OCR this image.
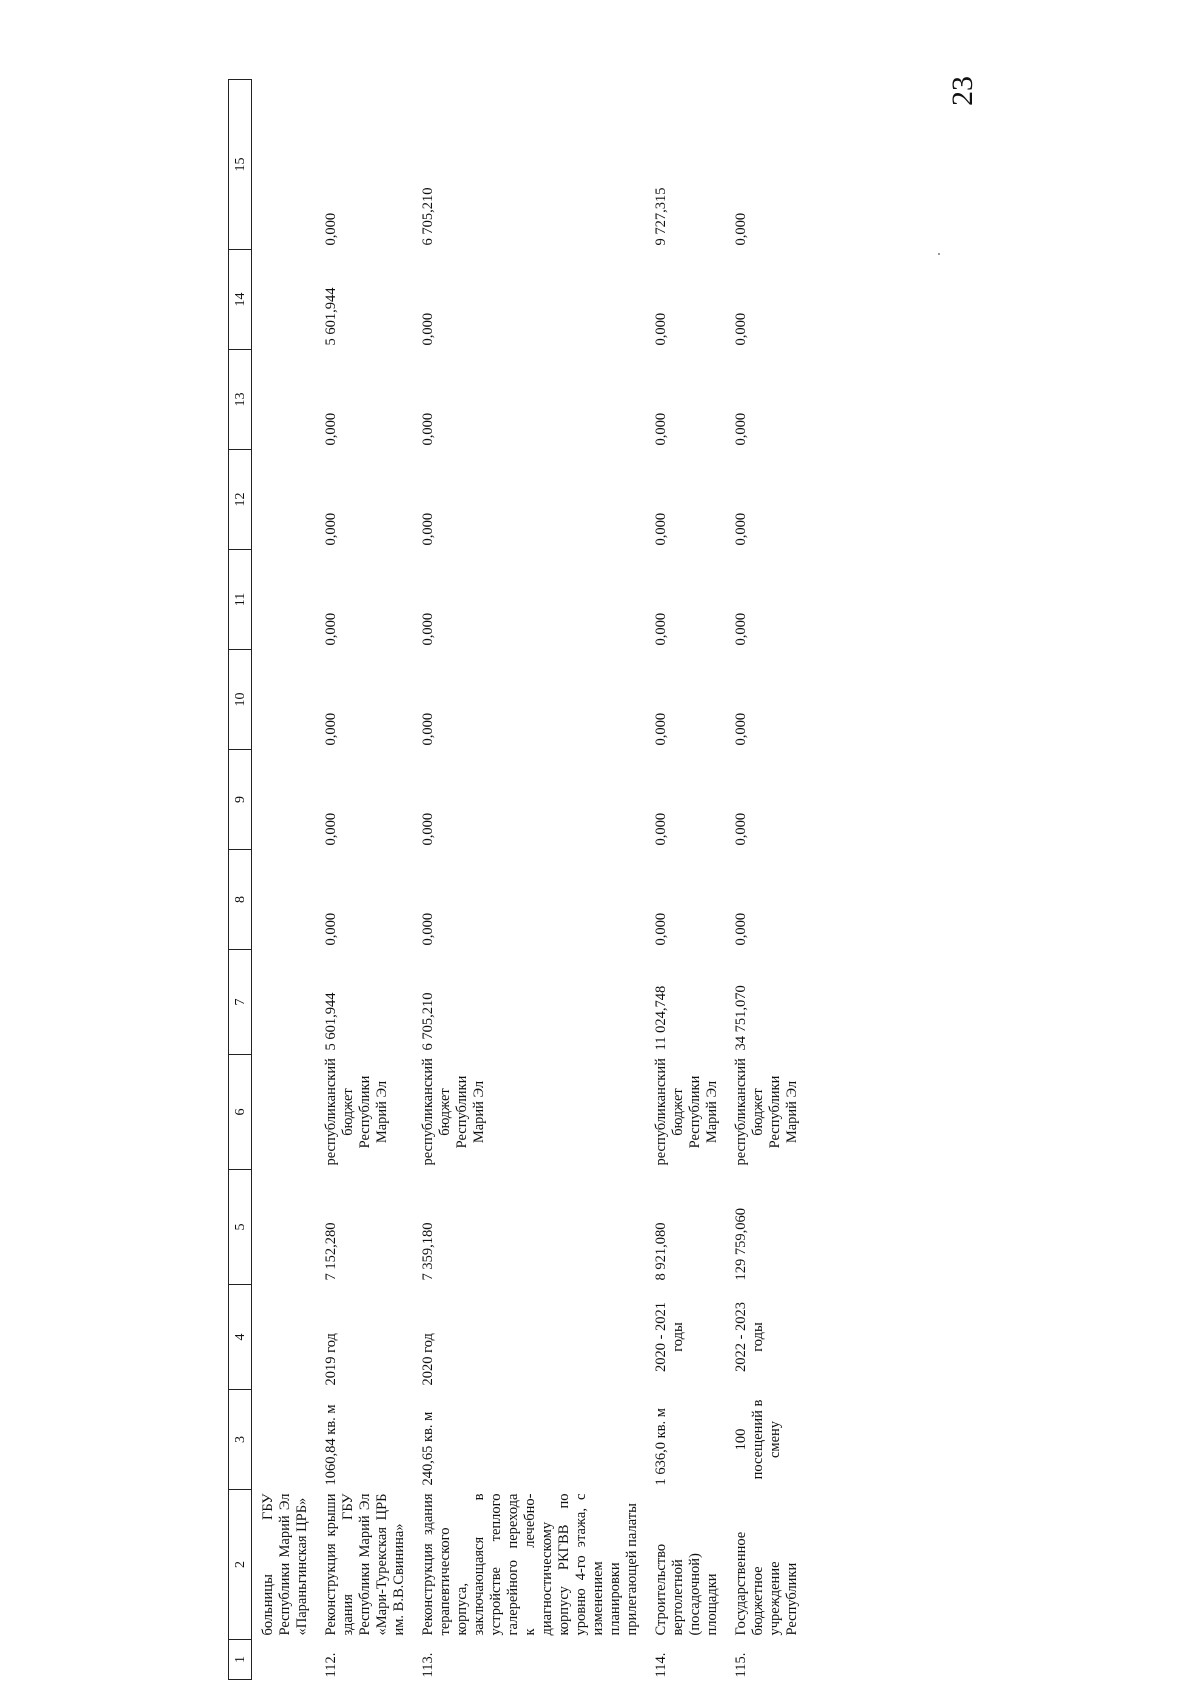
23
1	2	3	4	5	6	7	8	9	10	11	12	13	14	15
	больницы ГБУ Республики Марий Эл «Параньгинская ЦРБ»													
112.	Реконструкция крыши здания ГБУ Республики Марий Эл «Мари-Турекская ЦРБ им. В.В.Свинина»	1060,84 кв. м	2019 год	7 152,280	республиканский бюджет Республики Марий Эл	5 601,944	0,000	0,000	0,000	0,000	0,000	0,000	5 601,944	0,000
113.	Реконструкция здания терапевтического корпуса, заключающаяся в устройстве теплого галерейного перехода к лечебно-диагностическому корпусу РКГВВ по уровню 4-го этажа, с изменением планировки прилегающей палаты	240,65 кв. м	2020 год	7 359,180	республиканский бюджет Республики Марий Эл	6 705,210	0,000	0,000	0,000	0,000	0,000	0,000	0,000	6 705,210
114.	Строительство вертолетной (посадочной) площадки	1 636,0 кв. м	2020 - 2021 годы	8 921,080	республиканский бюджет Республики Марий Эл	11 024,748	0,000	0,000	0,000	0,000	0,000	0,000	0,000	9 727,315
115.	Государственное бюджетное учреждение Республики	100 посещений в смену	2022 - 2023 годы	129 759,060	республиканский бюджет Республики Марий Эл	34 751,070	0,000	0,000	0,000	0,000	0,000	0,000	0,000	0,000
